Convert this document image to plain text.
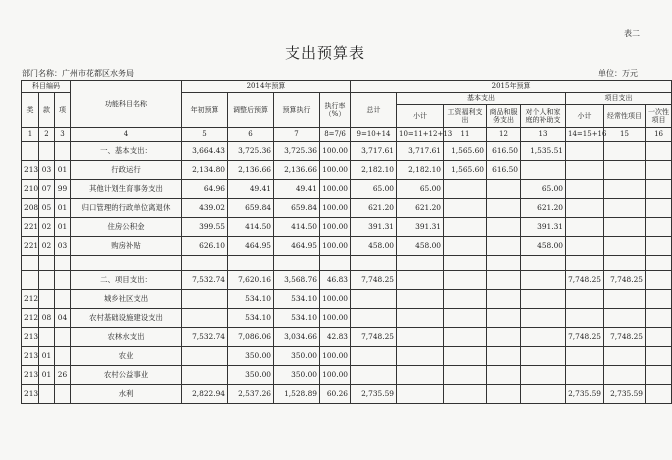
表二
支出预算表
部门名称：广州市花都区水务局	单位：万元
科目编码			功能科目名称	2014年预算				2015年预算							
类	款	项		年初预算	调整后预算	预算执行	执行率（%）	总计	基本支出				项目支出		
									小计	工资福利支出	商品和服务支出	对个人和家庭的补助支	小计	经常性项目	一次性项目
1	2	3	4	5	6	7	8=7/6	9=10+14	10=11+12+13	11	12	13	14=15+16	15	16
			一、基本支出：	3,664.43	3,725.36	3,725.36	100.00	3,717.61	3,717.61	1,565.60	616.50	1,535.51			
213	03	01	行政运行	2,134.80	2,136.66	2,136.66	100.00	2,182.10	2,182.10	1,565.60	616.50				
210	07	99	其他计划生育事务支出	64.96	49.41	49.41	100.00	65.00	65.00			65.00			
208	05	01	归口管理的行政单位离退休	439.02	659.84	659.84	100.00	621.20	621.20			621.20			
221	02	01	住房公积金	399.55	414.50	414.50	100.00	391.31	391.31			391.31			
221	02	03	购房补贴	626.10	464.95	464.95	100.00	458.00	458.00			458.00			

			二、项目支出：	7,532.74	7,620.16	3,568.76	46.83	7,748.25					7,748.25	7,748.25	
212			城乡社区支出		534.10	534.10	100.00								
212	08	04	农村基础设施建设支出		534.10	534.10	100.00								
213			农林水支出	7,532.74	7,086.06	3,034.66	42.83	7,748.25					7,748.25	7,748.25	
213	01		农业		350.00	350.00	100.00								
213	01	26	农村公益事业		350.00	350.00	100.00								
213			水利	2,822.94	2,537.26	1,528.89	60.26	2,735.59					2,735.59	2,735.59	
